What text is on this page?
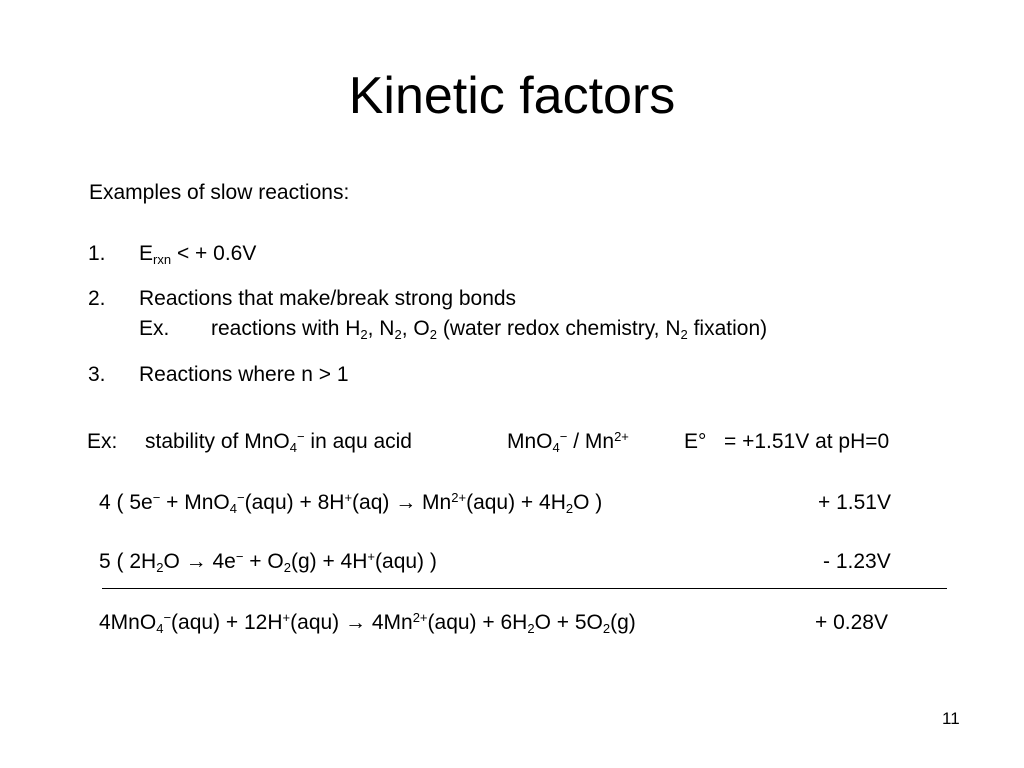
Kinetic factors
Examples of slow reactions:
1. $E_{rxn}$ < + 0.6V
2. Reactions that make/break strong bonds
Ex. reactions with $H_2$, $N_2$, $O_2$ (water redox chemistry, $N_2$ fixation)
3. Reactions where n > 1
Ex: stability of MnO$_4$− in aqu acid	$MnO_4^- / Mn^{2+}$	E° = +1.51V at pH=0
4 ( $5e^- + MnO_4^-(aqu) + 8H^+(aq) \to Mn^{2+}(aqu) + 4H_2O$ )	+ 1.51V
5 ( $2H_2O \to 4e^- + O_2(g) + 4H^+(aqu)$ )	- 1.23V
$4MnO_4^-(aqu) + 12H^+(aqu) \to 4Mn^{2+}(aqu) + 6H_2O + 5O_2(g)$	+ 0.28V
11
